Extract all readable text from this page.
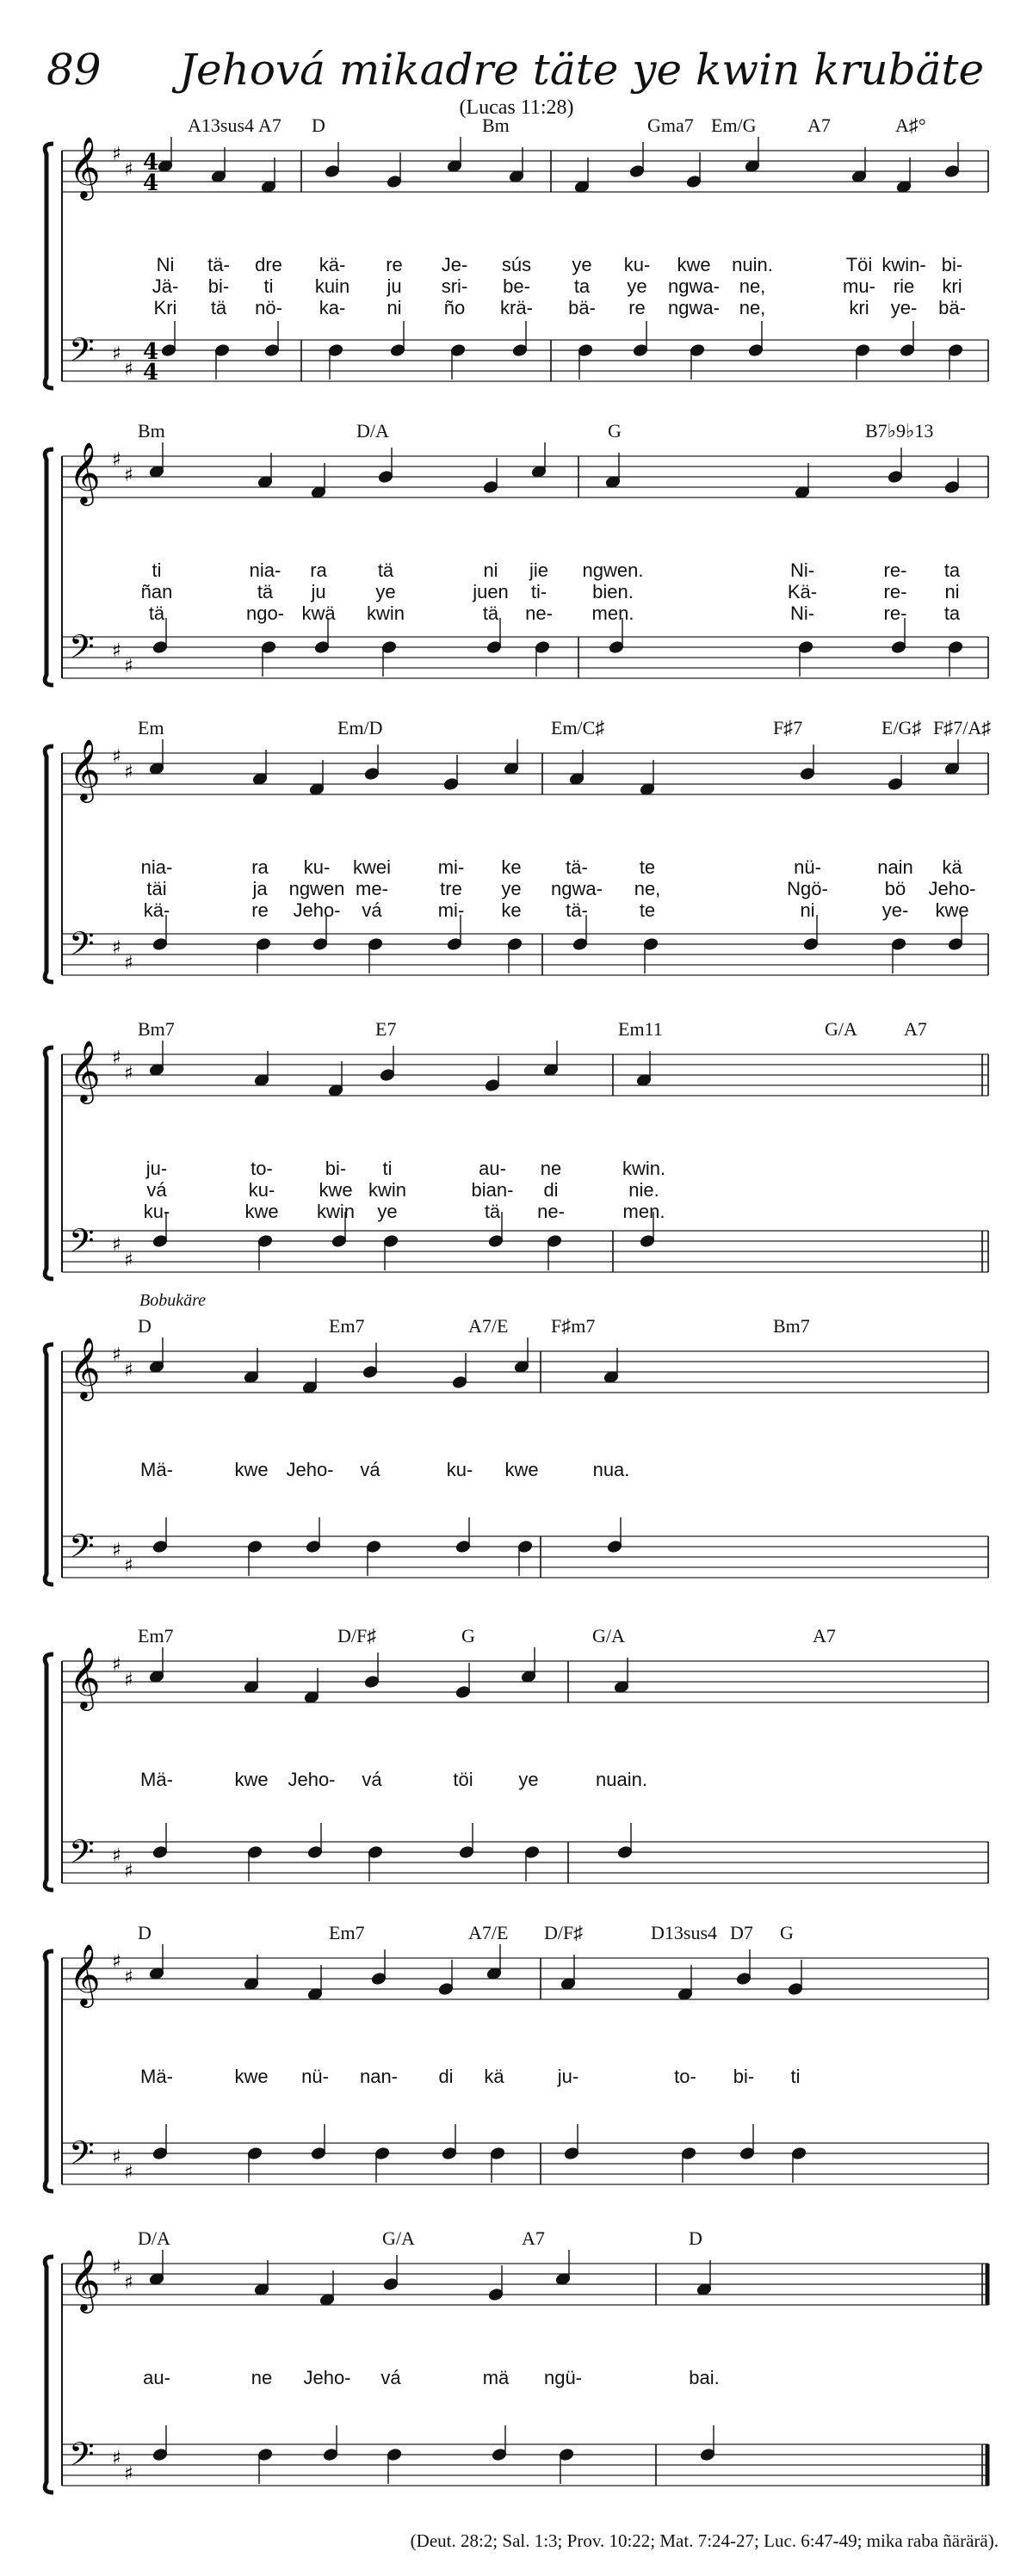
89 Jehová mikadre täte ye kwin krubäte
(Lucas 11:28)
𝄞
𝄢
♯
♯
♯
♯
4
4
4
4
𝄞
𝄢
♯
♯
♯
♯
𝄞
𝄢
♯
♯
♯
♯
𝄞
𝄢
♯
♯
♯
♯
𝄞
𝄢
♯
♯
♯
♯
𝄞
𝄢
♯
♯
♯
♯
𝄞
𝄢
♯
♯
♯
♯
𝄞
𝄢
♯
♯
♯
♯
(Deut. 28:2; Sal. 1:3; Prov. 10:22; Mat. 7:24-27; Luc. 6:47-49; mika raba ñärärä).
A13sus4 A7 D	Bm	Gma7 Em/G	A7	A♯°
Ni tä- dre kä- re Je- sús ye ku- kwe nuin.	Töi kwin- bi-
Jä- bi- ti kuin ju sri- be- ta ye ngwa- ne,	mu- rie kri
Kri tä nö- ka- ni ño krä- bä- re ngwa- ne,	kri ye- bä-
Bm	D/A	G	B7♭9♭13
ti	nia- ra	tä	ni jie ngwen.	Ni-	re- ta
ñan	tä ju	ye	juen ti- bien.	Kä-	re- ni
tä	ngo- kwä kwin	tä ne- men.	Ni-	re- ta
Em	Em/D	Em/C♯	F♯7	E/G♯ F♯7/A♯
nia-	ra ku- kwei mi- ke tä-	te	nü-	nain kä
täi	ja ngwen me-	tre ye ngwa- ne,	Ngö-	bö Jeho-
kä-	re Jeho- vá	mi- ke tä-	te	ni	ye- kwe
Bm7	E7	Em11	G/A A7
ju-	to-	bi- ti	au- ne	kwin.
vá	ku- kwe kwin	bian- di	nie.
ku-	kwe kwin ye	tä ne-	men.
D	Em7	A7/E F♯m7	Bm7
Mä-	kwe Jeho- vá	ku- kwe	nua.
Bobukäre
Em7	D/F♯	G	G/A	A7
Mä-	kwe Jeho- vá	töi ye	nuain.
D	Em7	A7/E D/F♯	D13sus4 D7 G
Mä-	kwe nü- nan- di kä	ju-	to- bi- ti
D/A	G/A	A7	D
au-	ne Jeho- vá	mä ngü-	bai.
